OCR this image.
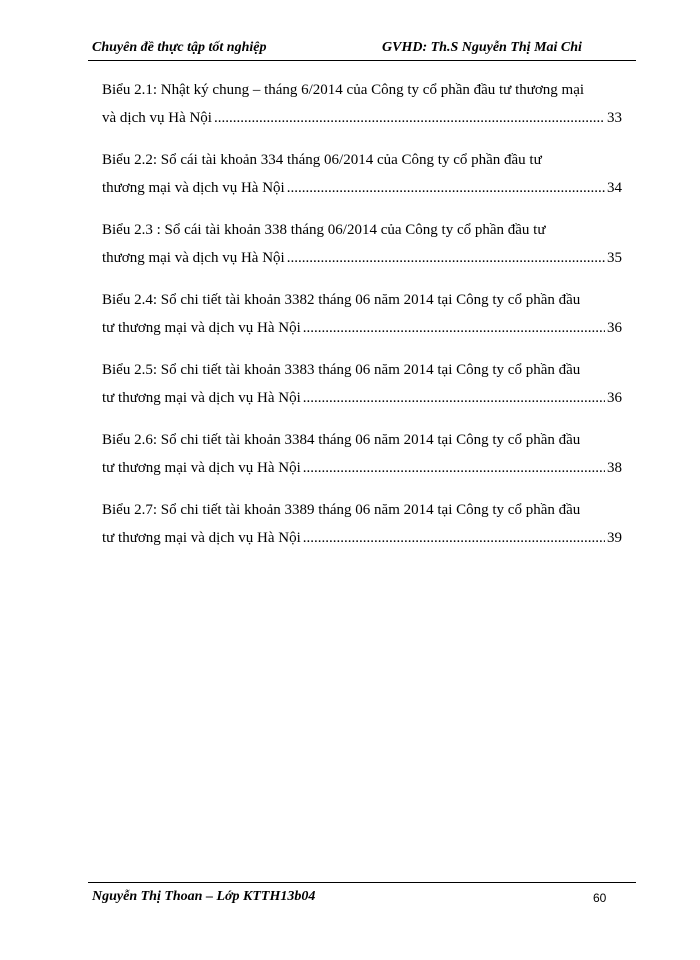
Chuyên đề thực tập tốt nghiệp	GVHD: Th.S Nguyễn Thị Mai Chi
Biểu 2.1: Nhật ký chung – tháng 6/2014 của Công ty cổ phần đầu tư thương mại
và dịch vụ Hà Nội .....	33
Biểu 2.2: Sổ cái tài khoản 334 tháng 06/2014 của Công ty cổ phần đầu tư
thương mại và dịch vụ Hà Nội .....	34
Biểu 2.3 : Sổ cái tài khoản 338 tháng 06/2014 của Công ty cổ phần đầu tư
thương mại và dịch vụ Hà Nội .....	35
Biểu 2.4: Sổ chi tiết tài khoản 3382 tháng 06 năm 2014 tại Công ty cổ phần đầu
tư thương mại và dịch vụ Hà Nội .....	36
Biểu 2.5: Sổ chi tiết tài khoản 3383 tháng 06 năm 2014 tại Công ty cổ phần đầu
tư thương mại và dịch vụ Hà Nội .....	36
Biểu 2.6: Sổ chi tiết tài khoản 3384 tháng 06 năm 2014 tại Công ty cổ phần đầu
tư thương mại và dịch vụ Hà Nội .....	38
Biểu 2.7: Sổ chi tiết tài khoản 3389 tháng 06 năm 2014 tại Công ty cổ phần đầu
tư thương mại và dịch vụ Hà Nội .....	39
Nguyễn Thị Thoan – Lớp KTTH13b04	60
